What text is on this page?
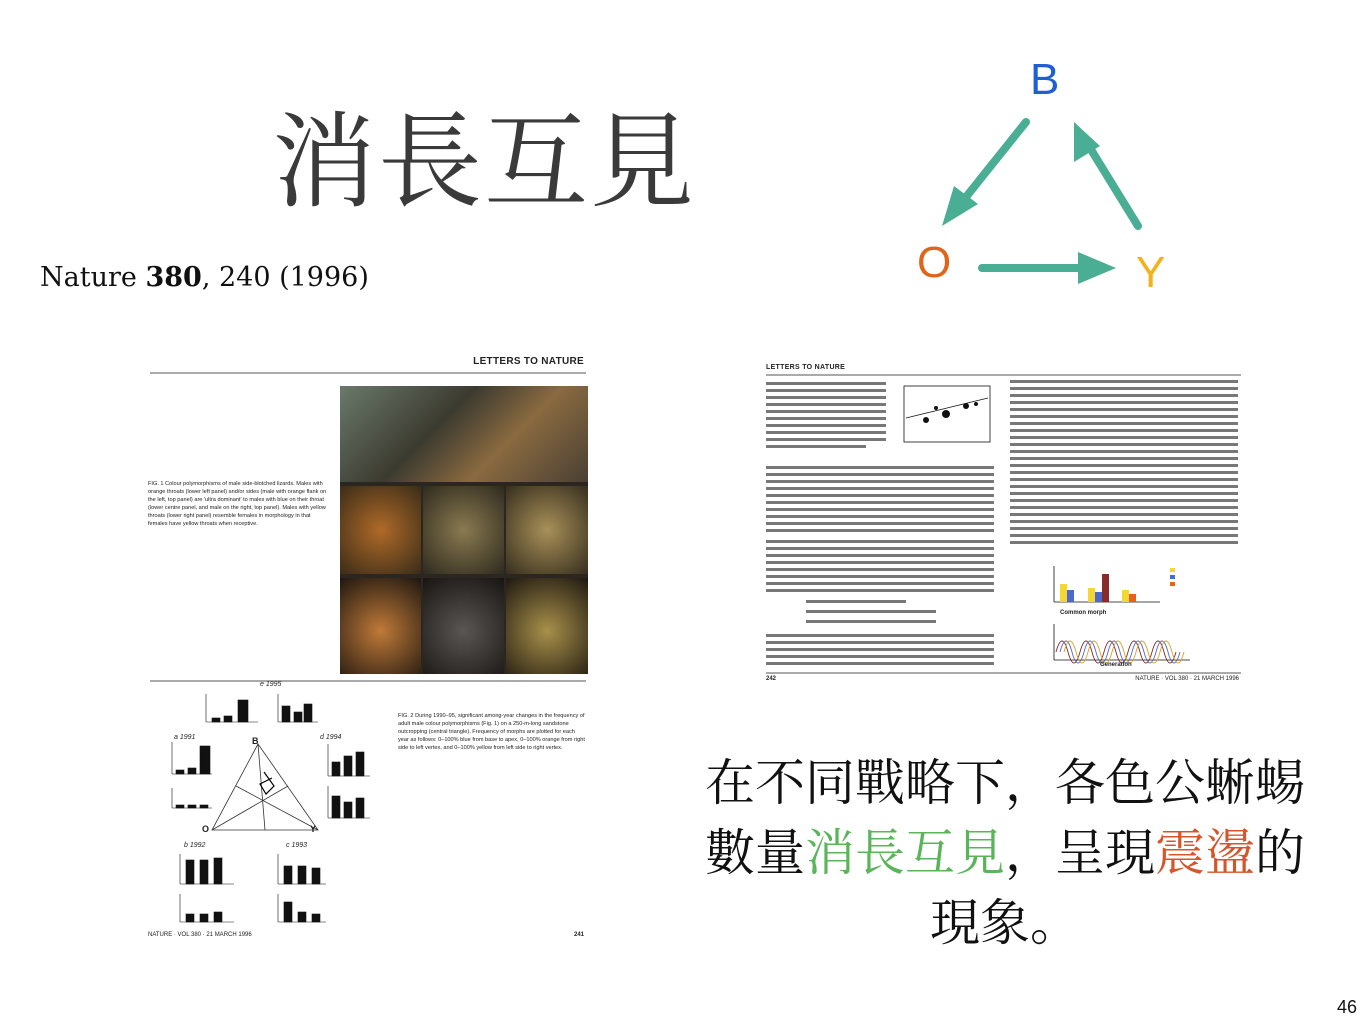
消長互見
Nature 380, 240 (1996)
B
O	Y
LETTERS TO NATURE
FIG. 1 Colour polymorphisms of male side-blotched lizards. Males with orange throats (lower left panel) and/or sides (male with orange flank on the left, top panel) are 'ultra dominant' to males with blue on their throat (lower centre panel, and male on the right, top panel). Males with yellow throats (lower right panel) resemble females in morphology in that females have yellow throats when receptive.
e 1995
a 1991	d 1994
b 1992	c 1993
B
O	Y
FIG. 2 During 1990–95, significant among-year changes in the frequency of adult male colour polymorphisms (Fig. 1) on a 250-m-long sandstone outcropping (central triangle). Frequency of morphs are plotted for each year as follows: 0–100% blue from base to apex, 0–100% orange from right side to left vertex, and 0–100% yellow from left side to right vertex.
NATURE · VOL 380 · 21 MARCH 1996	241
LETTERS TO NATURE
Common morph
Generation
242	NATURE · VOL 380 · 21 MARCH 1996
在不同戰略下，各色公蜥蜴數量消長互見，呈現震盪的現象。
46
